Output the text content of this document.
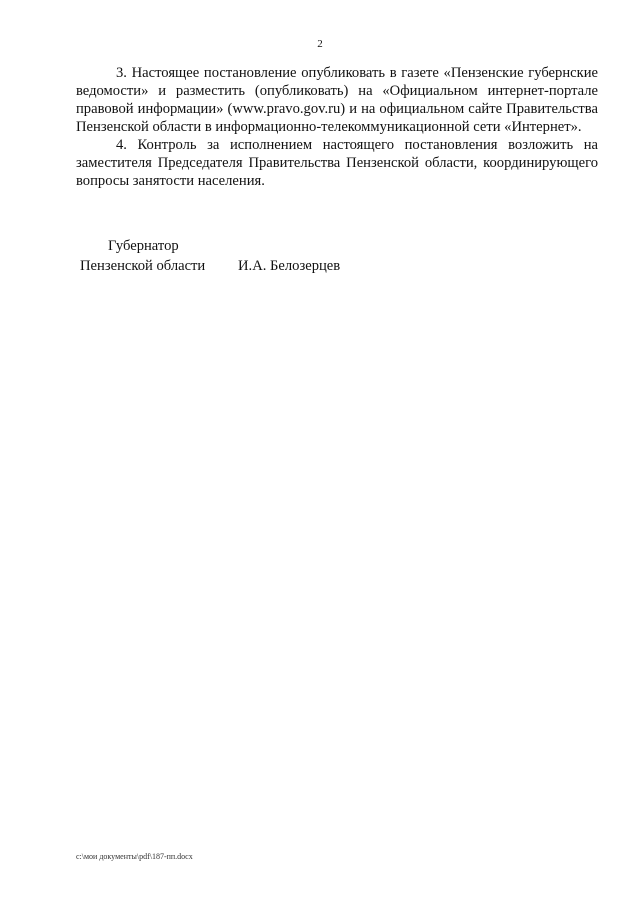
2

3. Настоящее постановление опубликовать в газете «Пензенские губернские ведомости» и разместить (опубликовать) на «Официальном интернет-портале правовой информации» (www.pravo.gov.ru) и на официальном сайте Правительства Пензенской области в информационно-телекоммуникационной сети «Интернет».

4. Контроль за исполнением настоящего постановления возложить на заместителя Председателя Правительства Пензенской области, координирующего вопросы занятости населения.

Губернатор
Пензенской области И.А. Белозерцев
c:\мои документы\pdf\187-пп.docx
